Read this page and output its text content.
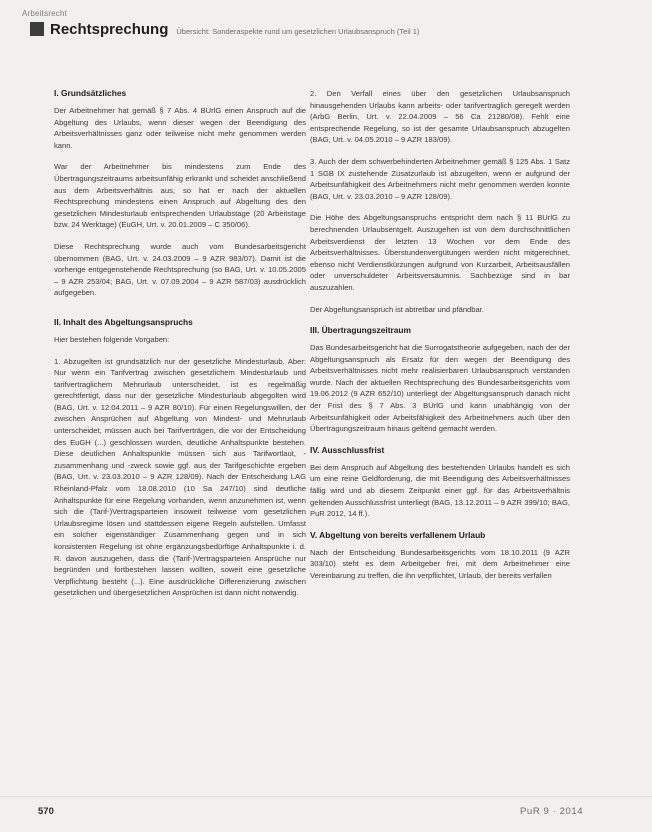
Arbeitsrecht
Rechtsprechung Übersicht: Sonderaspekte rund um gesetzlichen Urlaubsanspruch (Teil 1)
I. Grundsätzliches

Der Arbeitnehmer hat gemäß § 7 Abs. 4 BUrlG einen Anspruch auf die Abgeltung des Urlaubs, wenn dieser wegen der Beendigung des Arbeitsverhältnisses ganz oder teilweise nicht mehr genommen werden kann.

War der Arbeitnehmer bis mindestens zum Ende des Übertragungszeitraums arbeitsunfähig erkrankt und scheidet anschließend aus dem Arbeitsverhältnis aus, so hat er nach der aktuellen Rechtsprechung mindestens einen Anspruch auf Abgeltung des den gesetzlichen Mindesturlaub entsprechenden Urlaubstage (20 Arbeitstage bzw. 24 Werktage) (EuGH, Urt. v. 20.01.2009 – C 350/06).

Diese Rechtsprechung wurde auch vom Bundesarbeitsgericht übernommen (BAG, Urt. v. 24.03.2009 – 9 AZR 983/07). Damit ist die vorherige entgegenstehende Rechtsprechung (so BAG, Urt. v. 10.05.2005 – 9 AZR 253/04; BAG, Urt. v. 07.09.2004 – 9 AZR 587/03) ausdrücklich aufgegeben.

II. Inhalt des Abgeltungsanspruchs

Hier bestehen folgende Vorgaben:

1. Abzugelten ist grundsätzlich nur der gesetzliche Mindesturlaub. Aber: Nur wenn ein Tarifvertrag zwischen gesetzlichem Mindesturlaub und tarifvertraglichem Mehrurlaub unterscheidet, ist es regelmäßig gerechtfertigt, dass nur der gesetzliche Mindesturlaub abgegolten wird (BAG, Urt. v. 12.04.2011 – 9 AZR 80/10). Für einen Regelungswillen, der zwischen Ansprüchen auf Abgeltung von Mindest- und Mehrurlaub unterscheidet, müssen auch bei Tarifverträgen, die vor der Entscheidung des EuGH (...) geschlossen wurden, deutliche Anhaltspunkte bestehen. Diese deutlichen Anhaltspunkte müssen sich aus Tarifwortlaut, -zusammenhang und -zweck sowie ggf. aus der Tarifgeschichte ergeben (BAG, Urt. v. 23.03.2010 – 9 AZR 128/09). Nach der Entscheidung LAG Rheinland-Pfalz vom 18.08.2010 (10 Sa 247/10) sind deutliche Anhaltspunkte für eine Regelung vorhanden, wenn anzunehmen ist, wenn sich die (Tarif-)Vertragsparteien insoweit teilweise vom gesetzlichen Urlaubsregime lösen und stattdessen eigene Regeln aufstellen. Umfasst ein solcher eigenständiger Zusammenhang gegen und in sich konsistenten Regelung ist ohne ergänzungsbedürftige Anhaltspunkte i. d. R. davon auszugehen, dass die (Tarif-)Vertragsparteien Ansprüche nur begründen und fortbestehen lassen wollten, soweit eine gesetzliche Verpflichtung besteht (...). Eine ausdrückliche Differenzierung zwischen gesetzlichen und übergesetzlichen Ansprüchen ist dann nicht notwendig.

2. Den Verfall eines über den gesetzlichen Urlaubsanspruch hinausgehenden Urlaubs kann arbeits- oder tarifvertraglich geregelt werden (ArbG Berlin, Urt. v. 22.04.2009 – 56 Ca 21280/08). Fehlt eine entsprechende Regelung, so ist der gesamte Urlaubsanspruch abzugelten (BAG, Urt. v. 04.05.2010 – 9 AZR 183/09).

3. Auch der dem schwerbehinderten Arbeitnehmer gemäß § 125 Abs. 1 Satz 1 SGB IX zustehende Zusatzurlaub ist abzugelten, wenn er aufgrund der Arbeitsunfähigkeit des Arbeitnehmers nicht mehr genommen werden konnte (BAG, Urt. v. 23.03.2010 – 9 AZR 128/09).

Die Höhe des Abgeltungsanspruchs entspricht dem nach § 11 BUrlG zu berechnenden Urlaubsentgelt. Auszugehen ist von dem durchschnittlichen Arbeitsverdienst der letzten 13 Wochen vor dem Ende des Arbeitsverhältnisses. Überstundenvergütungen werden nicht mitgerechnet, ebenso nicht Verdienstkürzungen aufgrund von Kurzarbeit, Arbeitsausfällen oder unverschuldeter Arbeitsversäumnis. Sachbezüge sind in bar auszuzahlen.

Der Abgeltungsanspruch ist abtretbar und pfändbar.

III. Übertragungszeitraum

Das Bundesarbeitsgericht hat die Surrogatstheorie aufgegeben, nach der der Abgeltungsanspruch als Ersatz für den wegen der Beendigung des Arbeitsverhältnisses nicht mehr realisierbaren Urlaubsanspruch verstanden wurde. Nach der aktuellen Rechtsprechung des Bundesarbeitsgerichts vom 19.06.2012 (9 AZR 652/10) unterliegt der Abgeltungsanspruch danach nicht der Frist des § 7 Abs. 3 BUrlG und kann unabhängig von der Arbeitsunfähigkeit oder Arbeitsfähigkeit des Arbeitnehmers auch über den Übertragungszeitraum hinaus geltend gemacht werden.

IV. Ausschlussfrist

Bei dem Anspruch auf Abgeltung des bestehenden Urlaubs handelt es sich um eine reine Geldforderung, die mit Beendigung des Arbeitsverhältnisses fällig wird und ab diesem Zeitpunkt einer ggf. für das Arbeitsverhältnis geltenden Ausschlussfrist unterliegt (BAG, 13.12.2011 – 9 AZR 399/10; BAG, PuR 2012, 14 ff.).

V. Abgeltung von bereits verfallenem Urlaub

Nach der Entscheidung Bundesarbeitsgerichts vom 18.10.2011 (9 AZR 303/10) steht es dem Arbeitgeber frei, mit dem Arbeitnehmer eine Vereinbarung zu treffen, die ihn verpflichtet, Urlaub, der bereits verfallen

570	PuR 9 · 2014
